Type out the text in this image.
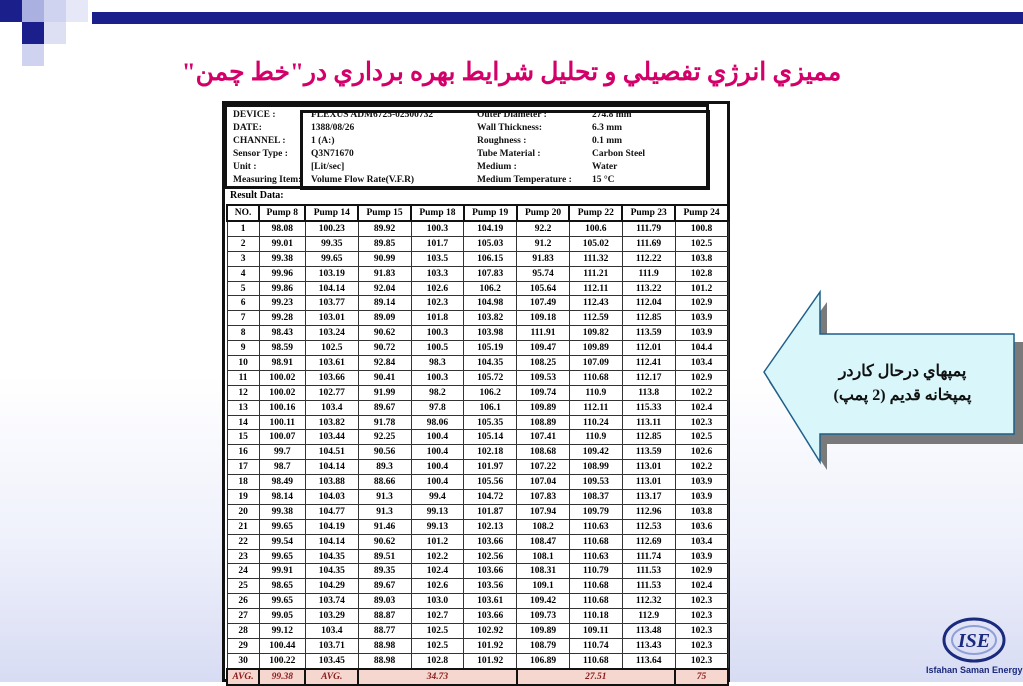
مميزي انرژي تفصيلي و تحليل شرايط بهره برداري در"خط چمن"
DEVICE :	FLEXUS ADM6725-02500732
DATE:	1388/08/26
CHANNEL :	1 (A:)
Sensor Type : Q3N71670
Unit :	[Lit/sec]
Measuring Item: Volume Flow Rate(V.F.R)
Outer Diameter :	274.8 mm
Wall Thickness:	6.3 mm
Roughness :	0.1 mm
Tube Material :	Carbon Steel
Medium :	Water
Medium Temperature : 15 °C
Result Data:
NO.	Pump 8	Pump 14	Pump 15	Pump 18	Pump 19	Pump 20	Pump 22	Pump 23	Pump 24
1	98.08	100.23	89.92	100.3	104.19	92.2	100.6	111.79	100.8
2	99.01	99.35	89.85	101.7	105.03	91.2	105.02	111.69	102.5
3	99.38	99.65	90.99	103.5	106.15	91.83	111.32	112.22	103.8
4	99.96	103.19	91.83	103.3	107.83	95.74	111.21	111.9	102.8
5	99.86	104.14	92.04	102.6	106.2	105.64	112.11	113.22	101.2
6	99.23	103.77	89.14	102.3	104.98	107.49	112.43	112.04	102.9
7	99.28	103.01	89.09	101.8	103.82	109.18	112.59	112.85	103.9
8	98.43	103.24	90.62	100.3	103.98	111.91	109.82	113.59	103.9
9	98.59	102.5	90.72	100.5	105.19	109.47	109.89	112.01	104.4
10	98.91	103.61	92.84	98.3	104.35	108.25	107.09	112.41	103.4
11	100.02	103.66	90.41	100.3	105.72	109.53	110.68	112.17	102.9
12	100.02	102.77	91.99	98.2	106.2	109.74	110.9	113.8	102.2
13	100.16	103.4	89.67	97.8	106.1	109.89	112.11	115.33	102.4
14	100.11	103.82	91.78	98.06	105.35	108.89	110.24	113.11	102.3
15	100.07	103.44	92.25	100.4	105.14	107.41	110.9	112.85	102.5
16	99.7	104.51	90.56	100.4	102.18	108.68	109.42	113.59	102.6
17	98.7	104.14	89.3	100.4	101.97	107.22	108.99	113.01	102.2
18	98.49	103.88	88.66	100.4	105.56	107.04	109.53	113.01	103.9
19	98.14	104.03	91.3	99.4	104.72	107.83	108.37	113.17	103.9
20	99.38	104.77	91.3	99.13	101.87	107.94	109.79	112.96	103.8
21	99.65	104.19	91.46	99.13	102.13	108.2	110.63	112.53	103.6
22	99.54	104.14	90.62	101.2	103.66	108.47	110.68	112.69	103.4
23	99.65	104.35	89.51	102.2	102.56	108.1	110.63	111.74	103.9
24	99.91	104.35	89.35	102.4	103.66	108.31	110.79	111.53	102.9
25	98.65	104.29	89.67	102.6	103.56	109.1	110.68	111.53	102.4
26	99.65	103.74	89.03	103.0	103.61	109.42	110.68	112.32	102.3
27	99.05	103.29	88.87	102.7	103.66	109.73	110.18	112.9	102.3
28	99.12	103.4	88.77	102.5	102.92	109.89	109.11	113.48	102.3
29	100.44	103.71	88.98	102.5	101.92	108.79	110.74	113.43	102.3
30	100.22	103.45	88.98	102.8	101.92	106.89	110.68	113.64	102.3
AVG.	99.38	AVG.	34.73			27.51			75
پمپهاي درحال كاردر
پمپخانه قديم (2 پمپ)
ISE
Isfahan Saman Energy
